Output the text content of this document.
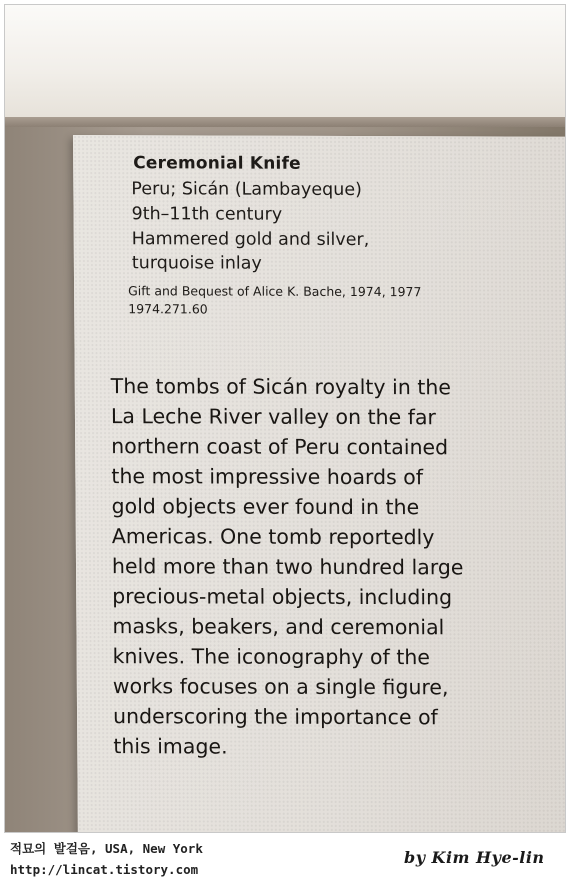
Ceremonial Knife
Peru; Sicán (Lambayeque)
9th–11th century
Hammered gold and silver,
turquoise inlay
Gift and Bequest of Alice K. Bache, 1974, 1977
1974.271.60
The tombs of Sicán royalty in the
La Leche River valley on the far
northern coast of Peru contained
the most impressive hoards of
gold objects ever found in the
Americas. One tomb reportedly
held more than two hundred large
precious-metal objects, including
masks, beakers, and ceremonial
knives. The iconography of the
works focuses on a single figure,
underscoring the importance of
this image.
적묘의 발걸음, USA, New York
http://lincat.tistory.com
by Kim Hye-lin
